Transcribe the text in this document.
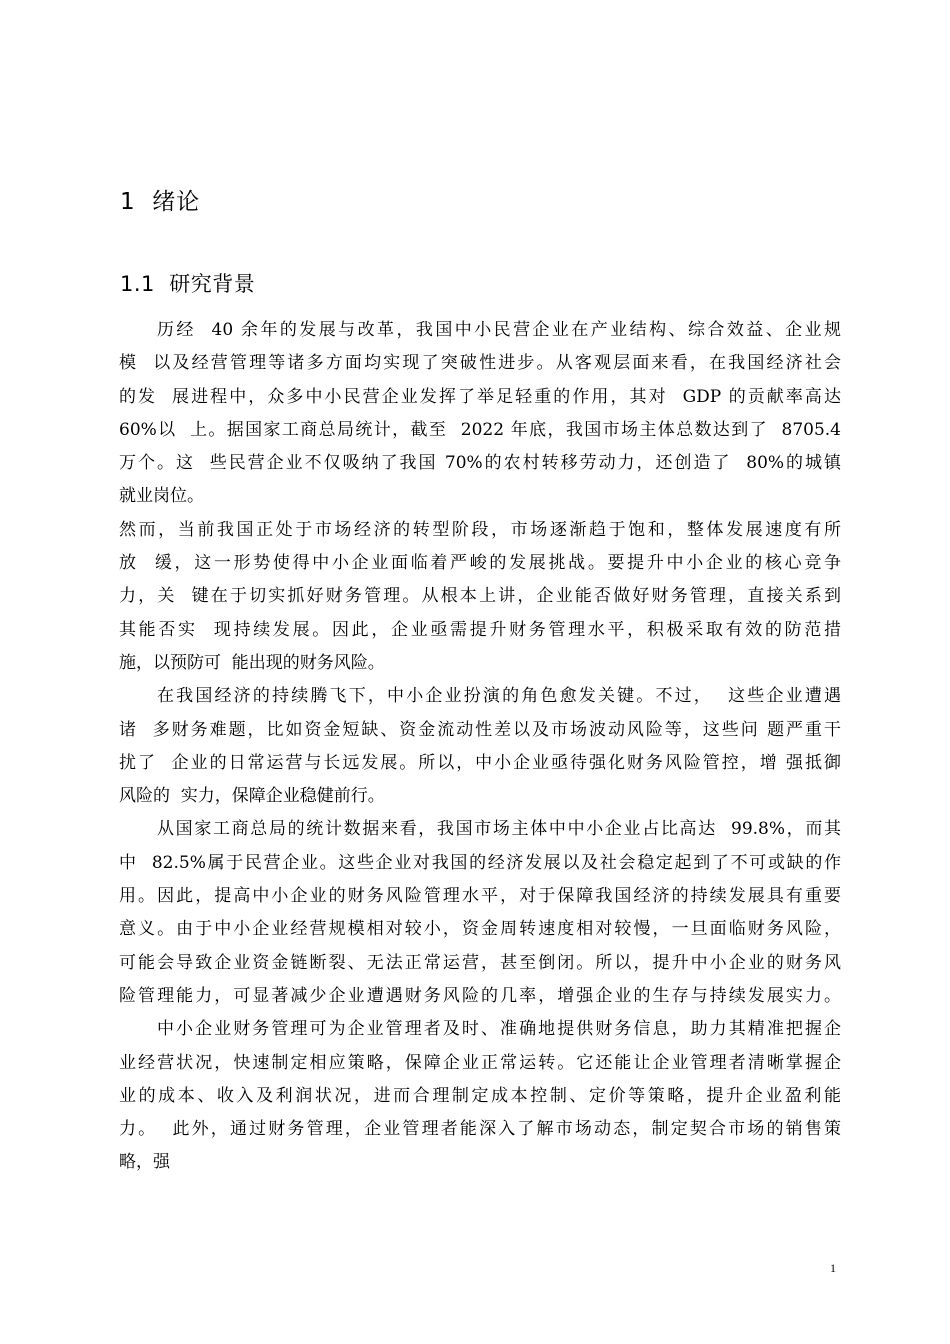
1  绪论
1.1  研究背景
历经  40 余年的发展与改革，我国中小民营企业在产业结构、综合效益、企业规
模  以及经营管理等诸多方面均实现了突破性进步。从客观层面来看，在我国经济社会
的发  展进程中，众多中小民营企业发挥了举足轻重的作用，其对  GDP 的贡献率高达
60%以  上。据国家工商总局统计，截至  2022 年底，我国市场主体总数达到了  8705.4
万个。这  些民营企业不仅吸纳了我国 70%的农村转移劳动力，还创造了  80%的城镇
就业岗位。
然而，当前我国正处于市场经济的转型阶段，市场逐渐趋于饱和，整体发展速度有所
放  缓，这一形势使得中小企业面临着严峻的发展挑战。要提升中小企业的核心竞争
力，关  键在于切实抓好财务管理。从根本上讲，企业能否做好财务管理，直接关系到
其能否实  现持续发展。因此，企业亟需提升财务管理水平，积极采取有效的防范措
施，以预防可  能出现的财务风险。
在我国经济的持续腾飞下，中小企业扮演的角色愈发关键。不过，  这些企业遭遇
诸  多财务难题，比如资金短缺、资金流动性差以及市场波动风险等，这些问 题严重干
扰了  企业的日常运营与长远发展。所以，中小企业亟待强化财务风险管控，增 强抵御
风险的  实力，保障企业稳健前行。
从国家工商总局的统计数据来看，我国市场主体中中小企业占比高达  99.8%，而其
中  82.5%属于民营企业。这些企业对我国的经济发展以及社会稳定起到了不可或缺的作
用。因此，提高中小企业的财务风险管理水平，对于保障我国经济的持续发展具有重要
意义。由于中小企业经营规模相对较小，资金周转速度相对较慢，一旦面临财务风险，
可能会导致企业资金链断裂、无法正常运营，甚至倒闭。所以，提升中小企业的财务风
险管理能力，可显著减少企业遭遇财务风险的几率，增强企业的生存与持续发展实力。
中小企业财务管理可为企业管理者及时、准确地提供财务信息，助力其精准把握企
业经营状况，快速制定相应策略，保障企业正常运转。它还能让企业管理者清晰掌握企
业的成本、收入及利润状况，进而合理制定成本控制、定价等策略，提升企业盈利能
力。  此外，通过财务管理，企业管理者能深入了解市场动态，制定契合市场的销售策
略，强
1
